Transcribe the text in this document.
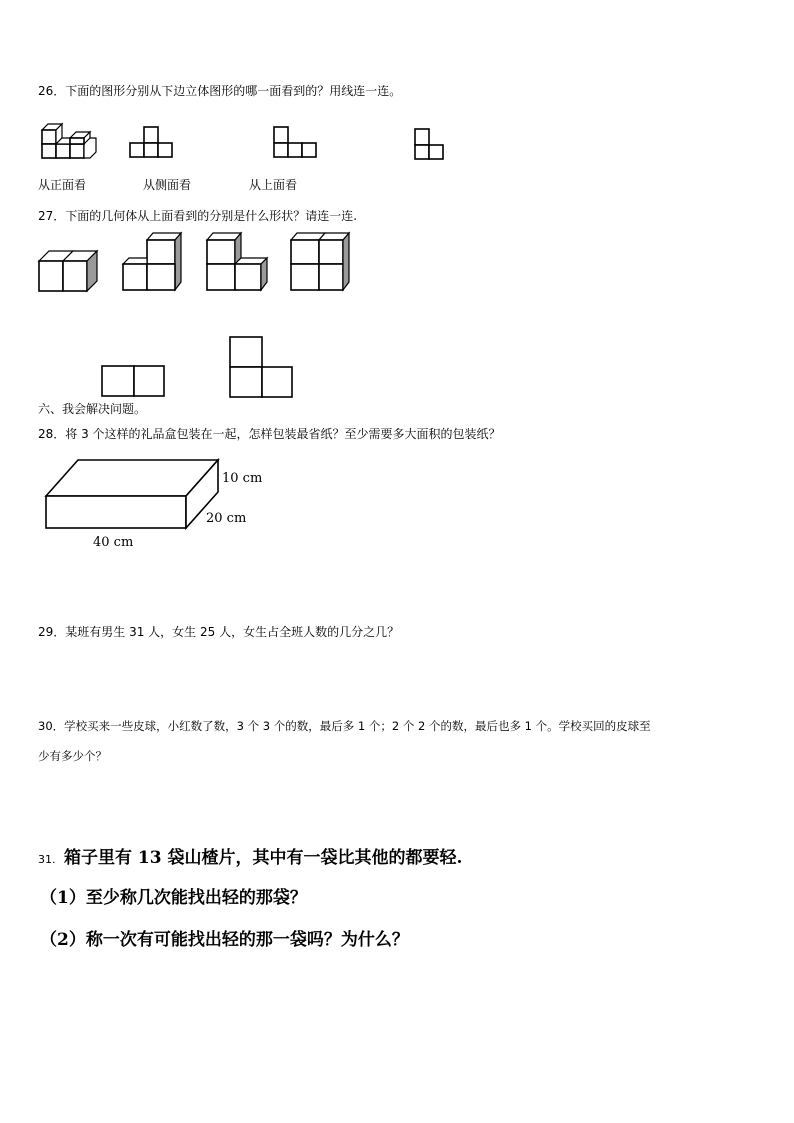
26．下面的图形分别从下边立体图形的哪一面看到的？用线连一连。
从正面看	从侧面看	从上面看
27．下面的几何体从上面看到的分别是什么形状？请连一连.
六、我会解决问题。
28．将 3 个这样的礼品盒包装在一起，怎样包装最省纸？至少需要多大面积的包装纸？
10 cm
20 cm
40 cm
29．某班有男生 31 人，女生 25 人，女生占全班人数的几分之几？
30．学校买来一些皮球，小红数了数，3 个 3 个的数，最后多 1 个；2 个 2 个的数，最后也多 1 个。学校买回的皮球至
少有多少个？
31. 箱子里有 13 袋山楂片，其中有一袋比其他的都要轻.
（1）至少称几次能找出轻的那袋？
（2）称一次有可能找出轻的那一袋吗？为什么？
